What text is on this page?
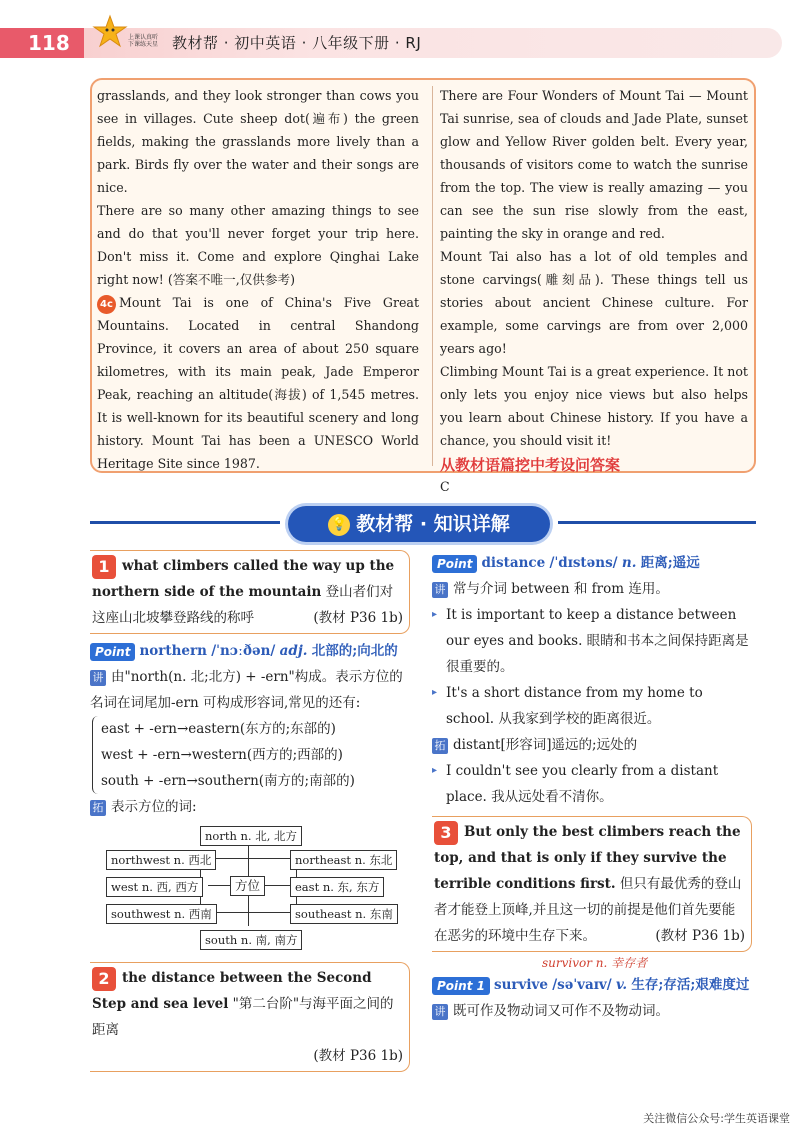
118	上课认真听 下课练天星 教材帮 · 初中英语 · 八年级下册 · RJ

grasslands, and they look stronger than cows you see in villages. Cute sheep dot(遍布) the green fields, making the grasslands more lively than a park. Birds fly over the water and their songs are nice.

There are so many other amazing things to see and do that you'll never forget your trip here. Don't miss it. Come and explore Qinghai Lake right now! (答案不唯一,仅供参考)

4c Mount Tai is one of China's Five Great Mountains. Located in central Shandong Province, it covers an area of about 250 square kilometres, with its main peak, Jade Emperor Peak, reaching an altitude(海拔) of 1,545 metres. It is well-known for its beautiful scenery and long history. Mount Tai has been a UNESCO World Heritage Site since 1987.

There are Four Wonders of Mount Tai — Mount Tai sunrise, sea of clouds and Jade Plate, sunset glow and Yellow River golden belt. Every year, thousands of visitors come to watch the sunrise from the top. The view is really amazing — you can see the sun rise slowly from the east, painting the sky in orange and red.

Mount Tai also has a lot of old temples and stone carvings(雕刻品). These things tell us stories about ancient Chinese culture. For example, some carvings are from over 2,000 years ago!

Climbing Mount Tai is a great experience. It not only lets you enjoy nice views but also helps you learn about Chinese history. If you have a chance, you should visit it!

从教材语篇挖中考设问答案

C

💡 教材帮 · 知识详解
1 what climbers called the way up the northern side of the mountain 登山者们对这座山北坡攀登路线的称呼	(教材 P36 1b)

Point northern /ˈnɔːðən/ adj. 北部的;向北的

讲 由"north(n. 北;北方) + -ern"构成。表示方位的名词在词尾加-ern 可构成形容词,常见的还有:

east + -ern→eastern(东方的;东部的)
west + -ern→western(西方的;西部的)
south + -ern→southern(南方的;南部的)

拓 表示方位的词:

north n. 北, 北方
northwest n. 西北	northeast n. 东北
west n. 西, 西方	方位	east n. 东, 东方
southwest n. 西南	southeast n. 东南
south n. 南, 南方
2 the distance between the Second Step and sea level "第二台阶"与海平面之间的距离
(教材 P36 1b)

Point distance /ˈdɪstəns/ n. 距离;遥远

讲 常与介词 between 和 from 连用。

▸ It is important to keep a distance between our eyes and books. 眼睛和书本之间保持距离是很重要的。

▸ It's a short distance from my home to school. 从我家到学校的距离很近。

拓 distant[形容词]遥远的;远处的

▸ I couldn't see you clearly from a distant place. 我从远处看不清你。

3 But only the best climbers reach the top, and that is only if they survive the terrible conditions first. 但只有最优秀的登山者才能登上顶峰,并且这一切的前提是他们首先要能在恶劣的环境中生存下来。	(教材 P36 1b)
survivor n. 幸存者

Point 1 survive /səˈvaɪv/ v. 生存;存活;艰难度过

讲 既可作及物动词又可作不及物动词。

关注微信公众号:学生英语课堂
